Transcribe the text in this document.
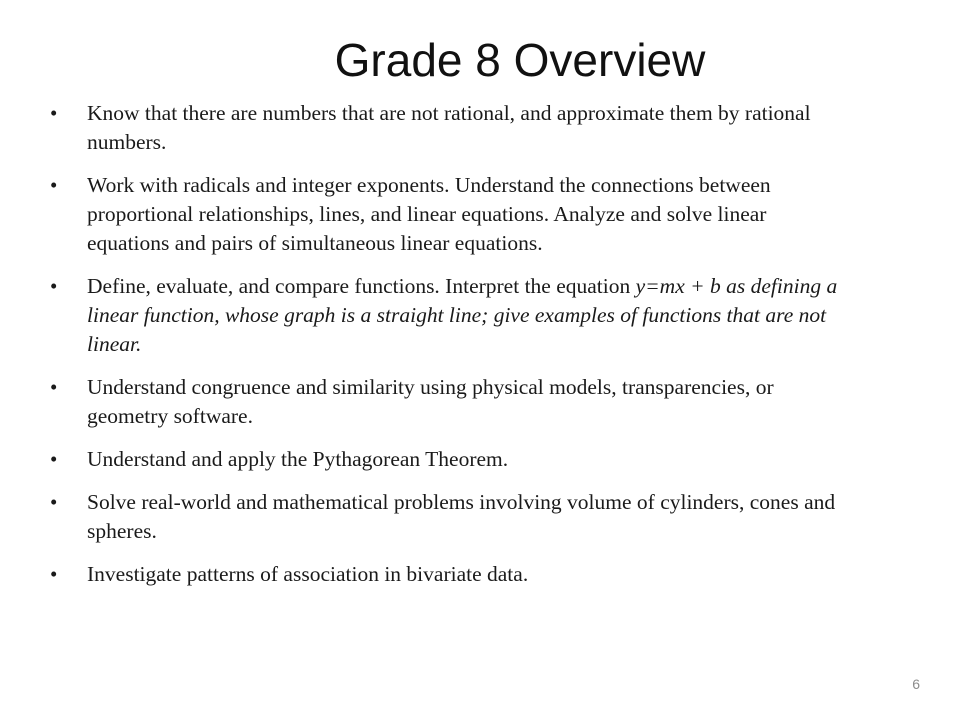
Grade 8 Overview
• Know that there are numbers that are not rational, and approximate them by rational numbers.
• Work with radicals and integer exponents. Understand the connections between proportional relationships, lines, and linear equations. Analyze and solve linear equations and pairs of simultaneous linear equations.
• Define, evaluate, and compare functions. Interpret the equation y=mx + b as defining a linear function, whose graph is a straight line; give examples of functions that are not linear.
• Understand congruence and similarity using physical models, transparencies, or geometry software.
• Understand and apply the Pythagorean Theorem.
• Solve real-world and mathematical problems involving volume of cylinders, cones and spheres.
• Investigate patterns of association in bivariate data.
6
